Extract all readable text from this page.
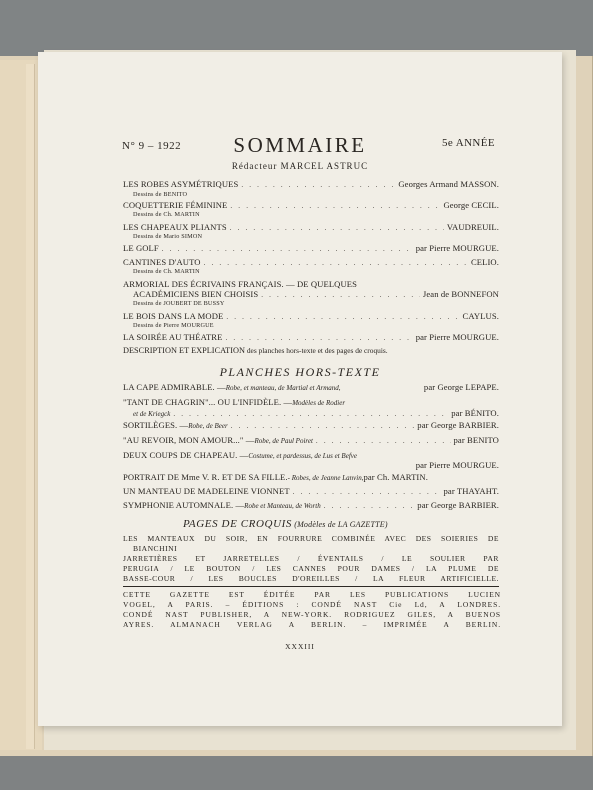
N° 9 – 1922	SOMMAIRE	5e ANNÉE
Rédacteur MARCEL ASTRUC
LES ROBES ASYMÉTRIQUES . . .	Georges Armand MASSON.
Dessins de BENITO
COQUETTERIE FÉMININE . . .	George CECIL.
Dessins de Ch. MARTIN
LES CHAPEAUX PLIANTS . . .	VAUDREUIL.
Dessins de Mario SIMON
LE GOLF . . .	par Pierre MOURGUE.
CANTINES D'AUTO . . .	CELIO.
Dessins de Ch. MARTIN
ARMORIAL DES ÉCRIVAINS FRANÇAIS. — DE QUELQUES
ACADÉMICIENS BIEN CHOISIS . . .	Jean de BONNEFON
Dessins de JOUBERT DE BUSSY
LE BOIS DANS LA MODE . . .	CAYLUS.
Dessins de Pierre MOURGUE
LA SOIRÉE AU THÉATRE . . .	par Pierre MOURGUE.
DESCRIPTION ET EXPLICATION des planches hors-texte et des pages de croquis.
PLANCHES HORS-TEXTE
LA CAPE ADMIRABLE. — Robe, et manteau, de Martial et Armand,	par George LEPAPE.
"TANT DE CHAGRIN"... OU L'INFIDÈLE. — Modèles de Rodier
et de Kriegck . . .	par BÉNITO.
SORTILÈGES. — Robe, de Beer . . .	par George BARBIER.
"AU REVOIR, MON AMOUR..." — Robe, de Paul Poiret . . .	par BENITO
DEUX COUPS DE CHAPEAU. — Costume, et pardessus, de Lus et Befve
par Pierre MOURGUE.
PORTRAIT DE Mme V. R. ET DE SA FILLE. - Robes, de Jeanne Lanvin, par Ch. MARTIN.
UN MANTEAU DE MADELEINE VIONNET . . .	par THAYAHT.
SYMPHONIE AUTOMNALE. — Robe et Manteau, de Worth . . .	par George BARBIER.
PAGES DE CROQUIS (Modèles de LA GAZETTE)
LES MANTEAUX DU SOIR, EN FOURRURE COMBINÉE AVEC DES SOIERIES DE
BIANCHINI
JARRETIÈRES ET JARRETELLES / ÉVENTAILS / LE SOULIER PAR
PERUGIA / LE BOUTON / LES CANNES POUR DAMES / LA PLUME DE
BASSE-COUR / LES BOUCLES D'OREILLES / LA FLEUR ARTIFICIELLE.
CETTE GAZETTE EST ÉDITÉE PAR LES PUBLICATIONS LUCIEN
VOGEL, A PARIS. – ÉDITIONS : CONDÉ NAST Cie Ld, A LONDRES.
CONDÉ NAST PUBLISHER, A NEW-YORK. RODRIGUEZ GILES, A BUENOS
AYRES. ALMANACH VERLAG A BERLIN. – IMPRIMÉE A BERLIN.
XXXIII
